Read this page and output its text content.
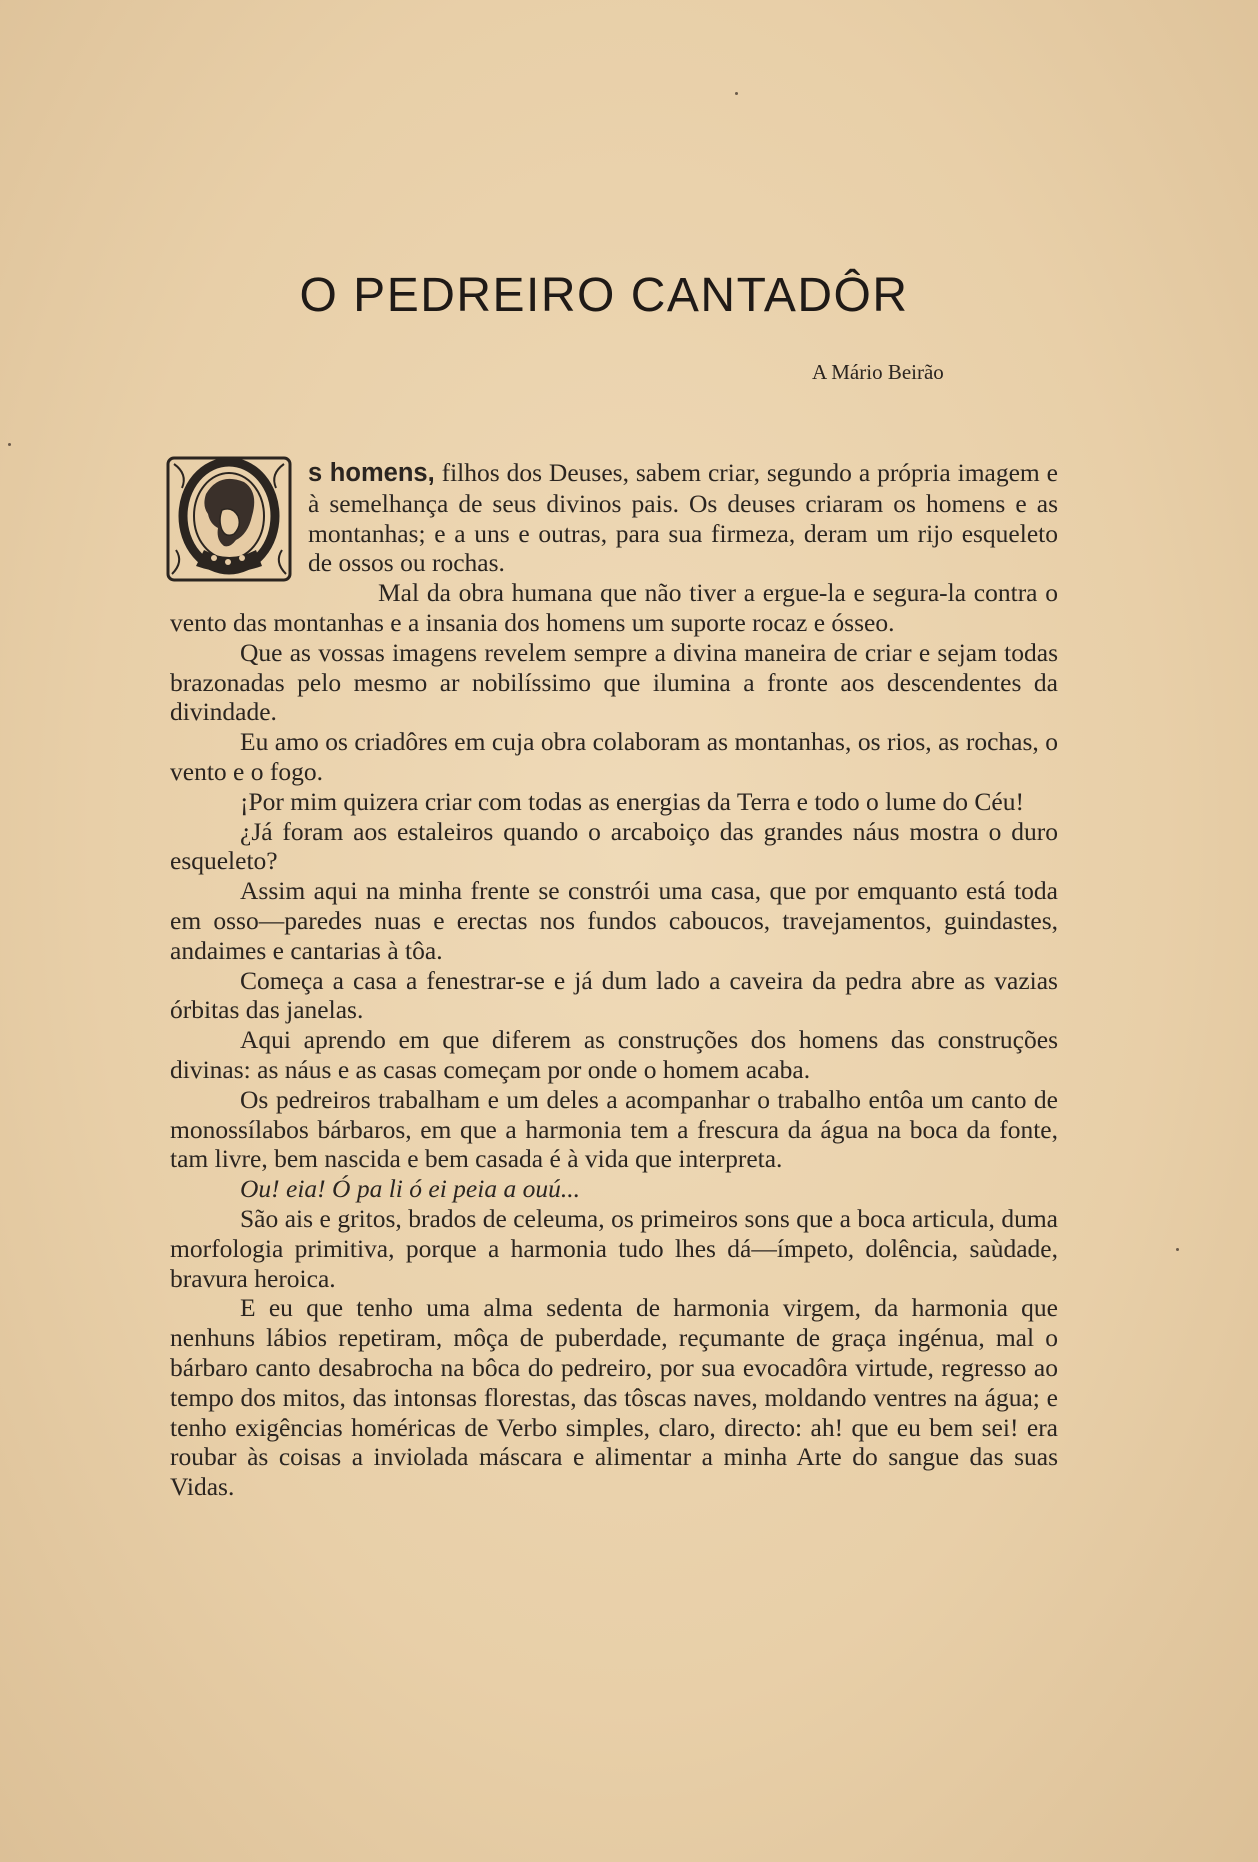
O PEDREIRO CANTADÔR
A Mário Beirão

s homens, filhos dos Deuses, sabem criar, segundo a própria imagem e à semelhança de seus divinos pais. Os deuses criaram os homens e as montanhas; e a uns e outras, para sua firmeza, deram um rijo esqueleto de ossos ou rochas.

Mal da obra humana que não tiver a ergue-la e segura-la contra o vento das montanhas e a insania dos homens um suporte rocaz e ósseo.

Que as vossas imagens revelem sempre a divina maneira de criar e sejam todas brazonadas pelo mesmo ar nobilíssimo que ilumina a fronte aos descendentes da divindade.

Eu amo os criadôres em cuja obra colaboram as montanhas, os rios, as rochas, o vento e o fogo.

¡Por mim quizera criar com todas as energias da Terra e todo o lume do Céu!

¿Já foram aos estaleiros quando o arcaboiço das grandes náus mostra o duro esqueleto?

Assim aqui na minha frente se constrói uma casa, que por emquanto está toda em osso—paredes nuas e erectas nos fundos caboucos, travejamentos, guindastes, andaimes e cantarias à tôa.

Começa a casa a fenestrar-se e já dum lado a caveira da pedra abre as vazias órbitas das janelas.

Aqui aprendo em que diferem as construções dos homens das construções divinas: as náus e as casas começam por onde o homem acaba.

Os pedreiros trabalham e um deles a acompanhar o trabalho entôa um canto de monossílabos bárbaros, em que a harmonia tem a frescura da água na boca da fonte, tam livre, bem nascida e bem casada é à vida que interpreta.

Ou! eia! Ó pa li ó ei peia a ouú...

São ais e gritos, brados de celeuma, os primeiros sons que a boca articula, duma morfologia primitiva, porque a harmonia tudo lhes dá—ímpeto, dolência, saùdade, bravura heroica.

E eu que tenho uma alma sedenta de harmonia virgem, da harmonia que nenhuns lábios repetiram, môça de puberdade, reçumante de graça ingénua, mal o bárbaro canto desabrocha na bôca do pedreiro, por sua evocadôra virtude, regresso ao tempo dos mitos, das intonsas florestas, das tôscas naves, moldando ventres na água; e tenho exigências homéricas de Verbo simples, claro, directo: ah! que eu bem sei! era roubar às coisas a inviolada máscara e alimentar a minha Arte do sangue das suas Vidas.
